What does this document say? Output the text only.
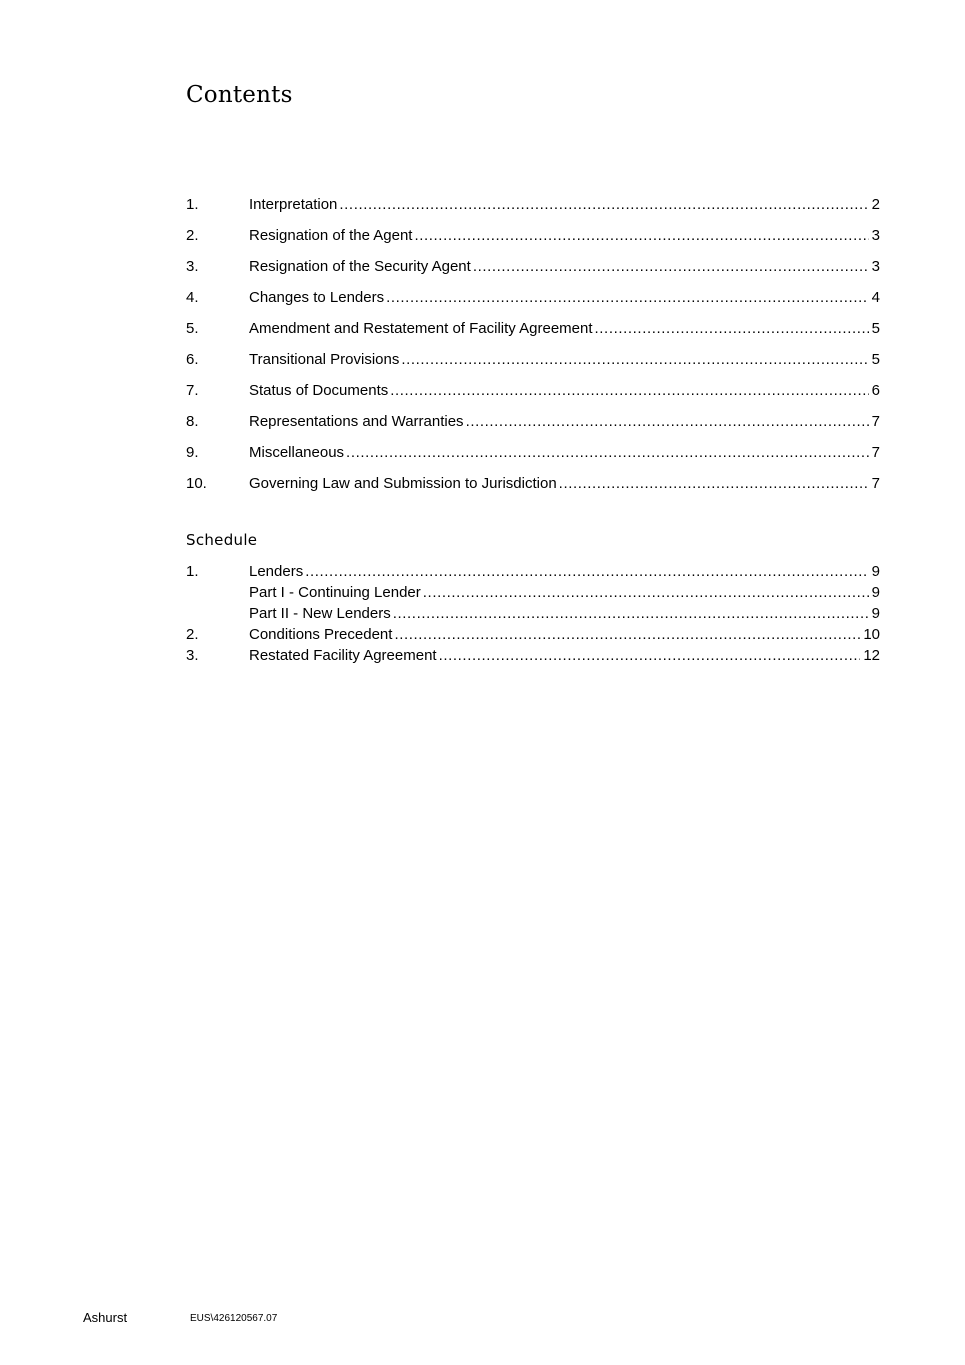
Contents
1.	Interpretation .....	2
2.	Resignation of the Agent .....	3
3.	Resignation of the Security Agent .....	3
4.	Changes to Lenders .....	4
5.	Amendment and Restatement of Facility Agreement .....	5
6.	Transitional Provisions .....	5
7.	Status of Documents .....	6
8.	Representations and Warranties .....	7
9.	Miscellaneous .....	7
10.	Governing Law and Submission to Jurisdiction .....	7
Schedule
1.	Lenders .....	9
Part I - Continuing Lender .....	9
Part II - New Lenders .....	9
2.	Conditions Precedent .....	10
3.	Restated Facility Agreement .....	12
Ashurst	EUS\426120567.07
